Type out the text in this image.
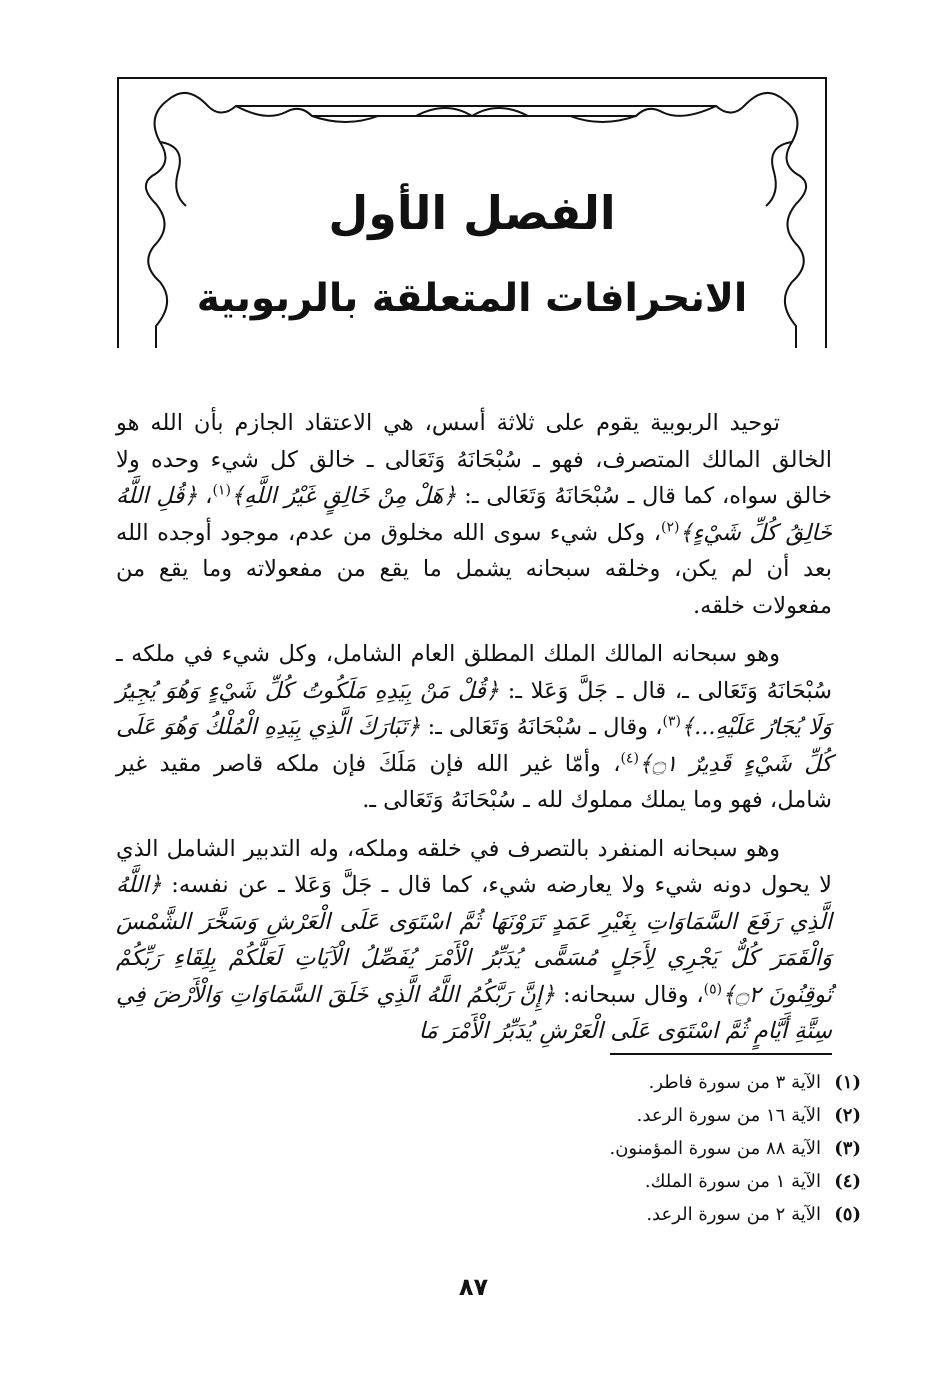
الفصل الأول
الانحرافات المتعلقة بالربوبية

توحيد الربوبية يقوم على ثلاثة أسس، هي الاعتقاد الجازم بأن الله هو الخالق المالك المتصرف، فهو ـ سُبْحَانَهُ وَتَعَالى ـ خالق كل شيء وحده ولا خالق سواه، كما قال ـ سُبْحَانَهُ وَتَعَالى ـ: ﴿هَلْ مِنْ خَالِقٍ غَيْرُ اللَّهِ﴾$^{(١)}$، ﴿قُلِ اللَّهُ خَالِقُ كُلِّ شَيْءٍ﴾$^{(٢)}$، وكل شيء سوى الله مخلوق من عدم، موجود أوجده الله بعد أن لم يكن، وخلقه سبحانه يشمل ما يقع من مفعولاته وما يقع من مفعولات خلقه.

وهو سبحانه المالك الملك المطلق العام الشامل، وكل شيء في ملكه ـ سُبْحَانَهُ وَتَعَالى ـ، قال ـ جَلَّ وَعَلا ـ: ﴿قُلْ مَنْ بِيَدِهِ مَلَكُوتُ كُلِّ شَيْءٍ وَهُوَ يُجِيرُ وَلَا يُجَارُ عَلَيْهِ...﴾$^{(٣)}$، وقال ـ سُبْحَانَهُ وَتَعَالى ـ: ﴿تَبَارَكَ الَّذِي بِيَدِهِ الْمُلْكُ وَهُوَ عَلَى كُلِّ شَيْءٍ قَدِيرٌ ۝١﴾$^{(٤)}$، وأمّا غير الله فإن مَلَكَ فإن ملكه قاصر مقيد غير شامل، فهو وما يملك مملوك لله ـ سُبْحَانَهُ وَتَعَالى ـ.

وهو سبحانه المنفرد بالتصرف في خلقه وملكه، وله التدبير الشامل الذي لا يحول دونه شيء ولا يعارضه شيء، كما قال ـ جَلَّ وَعَلا ـ عن نفسه: ﴿اللَّهُ الَّذِي رَفَعَ السَّمَاوَاتِ بِغَيْرِ عَمَدٍ تَرَوْنَهَا ثُمَّ اسْتَوَى عَلَى الْعَرْشِ وَسَخَّرَ الشَّمْسَ وَالْقَمَرَ كُلٌّ يَجْرِي لِأَجَلٍ مُسَمًّى يُدَبِّرُ الْأَمْرَ يُفَصِّلُ الْآيَاتِ لَعَلَّكُمْ بِلِقَاءِ رَبِّكُمْ تُوقِنُونَ ۝٢﴾$^{(٥)}$، وقال سبحانه: ﴿إِنَّ رَبَّكُمُ اللَّهُ الَّذِي خَلَقَ السَّمَاوَاتِ وَالْأَرْضَ فِي سِتَّةِ أَيَّامٍ ثُمَّ اسْتَوَى عَلَى الْعَرْشِ يُدَبِّرُ الْأَمْرَ مَا

(١)الآية ٣ من سورة فاطر.
(٢)الآية ١٦ من سورة الرعد.
(٣)الآية ٨٨ من سورة المؤمنون.
(٤)الآية ١ من سورة الملك.
(٥)الآية ٢ من سورة الرعد.
٨٧
